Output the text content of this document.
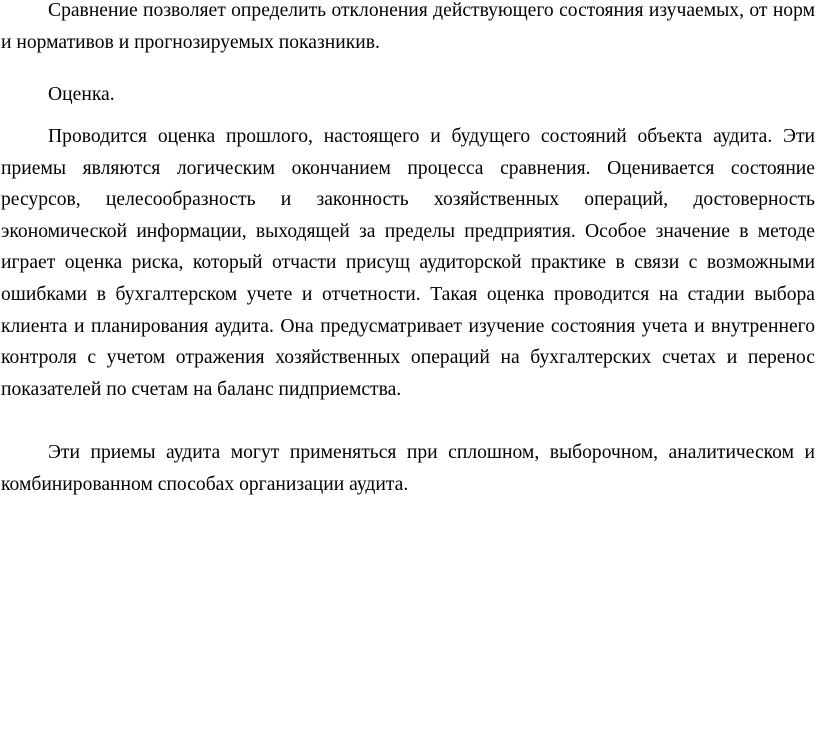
Сравнение позволяет определить отклонения действующего состояния изучаемых, от норм и нормативов и прогнозируемых показникив.

Оценка.

Проводится оценка прошлого, настоящего и будущего состояний объекта аудита. Эти приемы являются логическим окончанием процесса сравнения. Оценивается состояние ресурсов, целесообразность и законность хозяйственных операций, достоверность экономической информации, выходящей за пределы предприятия. Особое значение в методе играет оценка риска, который отчасти присущ аудиторской практике в связи с возможными ошибками в бухгалтерском учете и отчетности. Такая оценка проводится на стадии выбора клиента и планирования аудита. Она предусматривает изучение состояния учета и внутреннего контроля с учетом отражения хозяйственных операций на бухгалтерских счетах и перенос показателей по счетам на баланс пидприемства.

Эти приемы аудита могут применяться при сплошном, выборочном, аналитическом и комбинированном способах организации аудита.
